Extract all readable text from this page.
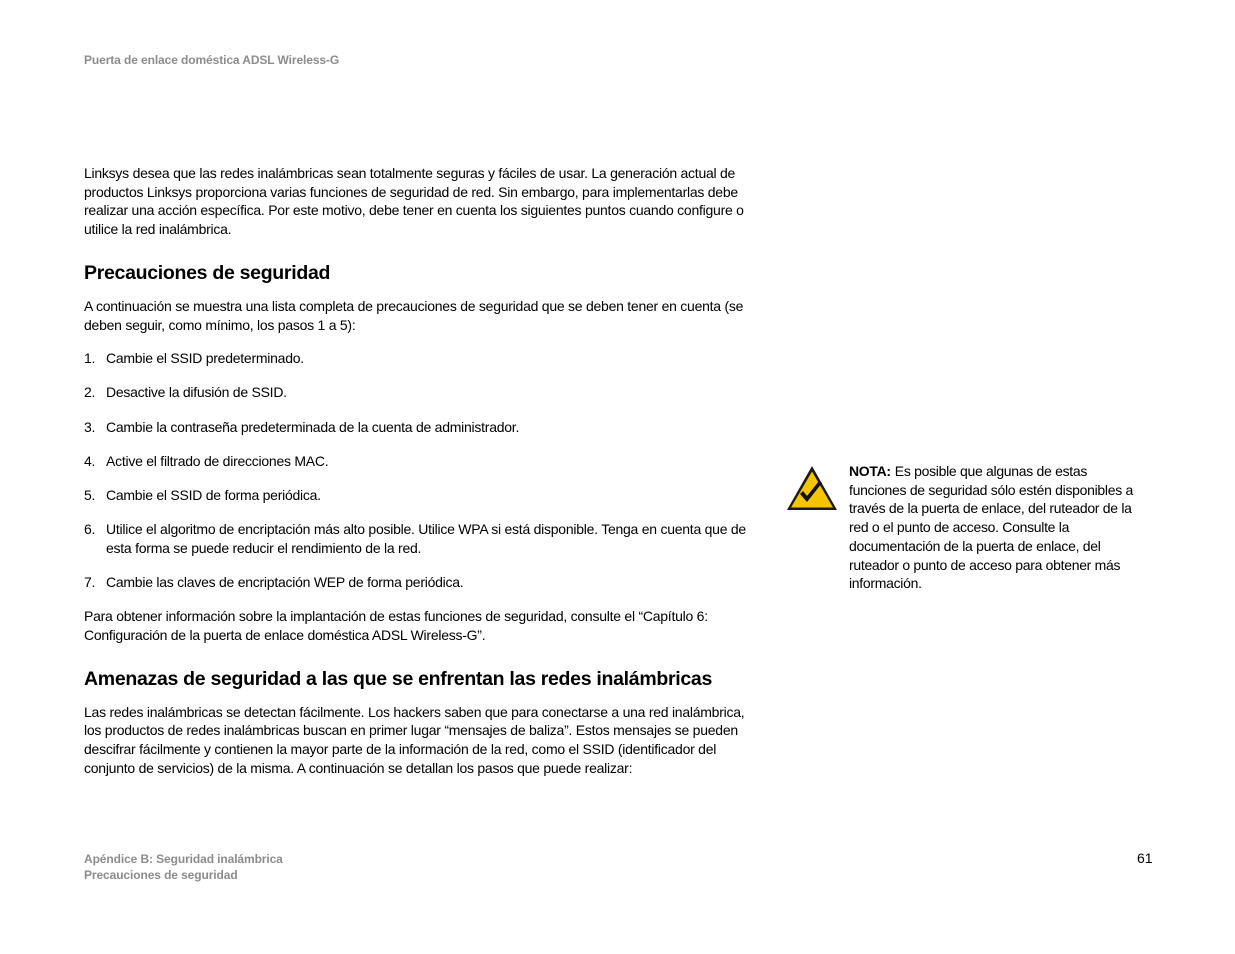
Puerta de enlace doméstica ADSL Wireless-G

Linksys desea que las redes inalámbricas sean totalmente seguras y fáciles de usar. La generación actual de productos Linksys proporciona varias funciones de seguridad de red. Sin embargo, para implementarlas debe realizar una acción específica. Por este motivo, debe tener en cuenta los siguientes puntos cuando configure o utilice la red inalámbrica.

Precauciones de seguridad

A continuación se muestra una lista completa de precauciones de seguridad que se deben tener en cuenta (se deben seguir, como mínimo, los pasos 1 a 5):

1. Cambie el SSID predeterminado.
2. Desactive la difusión de SSID.
3. Cambie la contraseña predeterminada de la cuenta de administrador.
4. Active el filtrado de direcciones MAC.
5. Cambie el SSID de forma periódica.
6. Utilice el algoritmo de encriptación más alto posible. Utilice WPA si está disponible. Tenga en cuenta que de esta forma se puede reducir el rendimiento de la red.
7. Cambie las claves de encriptación WEP de forma periódica.

Para obtener información sobre la implantación de estas funciones de seguridad, consulte el “Capítulo 6: Configuración de la puerta de enlace doméstica ADSL Wireless-G”.

Amenazas de seguridad a las que se enfrentan las redes inalámbricas

Las redes inalámbricas se detectan fácilmente. Los hackers saben que para conectarse a una red inalámbrica, los productos de redes inalámbricas buscan en primer lugar “mensajes de baliza”. Estos mensajes se pueden descifrar fácilmente y contienen la mayor parte de la información de la red, como el SSID (identificador del conjunto de servicios) de la misma. A continuación se detallan los pasos que puede realizar:

NOTA: Es posible que algunas de estas funciones de seguridad sólo estén disponibles a través de la puerta de enlace, del ruteador de la red o el punto de acceso. Consulte la documentación de la puerta de enlace, del ruteador o punto de acceso para obtener más información.
Apéndice B: Seguridad inalámbrica
Precauciones de seguridad
61
